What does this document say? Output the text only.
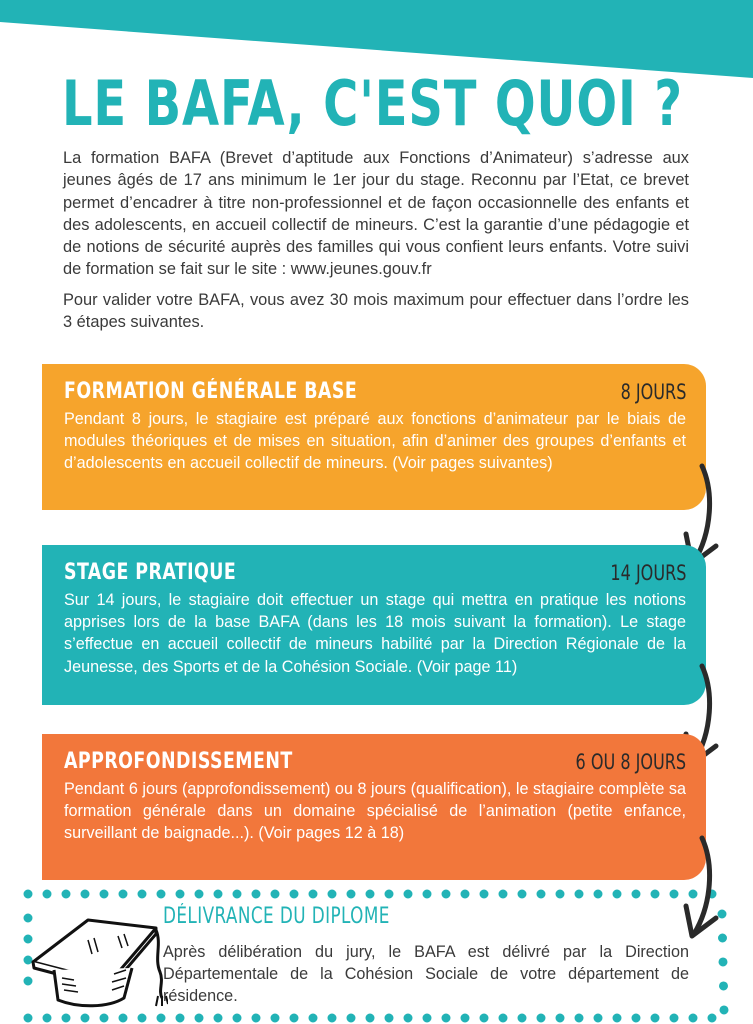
LE BAFA, C'EST QUOI ?

La formation BAFA (Brevet d’aptitude aux Fonctions d’Animateur) s’adresse aux jeunes âgés de 17 ans minimum le 1er jour du stage. Reconnu par l’Etat, ce brevet permet d’encadrer à titre non-professionnel et de façon occasionnelle des enfants et des adolescents, en accueil collectif de mineurs. C’est la garantie d’une pédagogie et de notions de sécurité auprès des familles qui vous confient leurs enfants. Votre suivi de formation se fait sur le site : www.jeunes.gouv.fr

Pour valider votre BAFA, vous avez 30 mois maximum pour effectuer dans l’ordre les 3 étapes suivantes.

FORMATION GÉNÉRALE BASE	8 JOURS
Pendant 8 jours, le stagiaire est préparé aux fonctions d’animateur par le biais de modules théoriques et de mises en situation, afin d’animer des groupes d’enfants et d’adolescents en accueil collectif de mineurs. (Voir pages suivantes)
STAGE PRATIQUE	14 JOURS
Sur 14 jours, le stagiaire doit effectuer un stage qui mettra en pratique les notions apprises lors de la base BAFA (dans les 18 mois suivant la formation). Le stage s’effectue en accueil collectif de mineurs habilité par la Direction Régionale de la Jeunesse, des Sports et de la Cohésion Sociale. (Voir page 11)
APPROFONDISSEMENT	6 OU 8 JOURS
Pendant 6 jours (approfondissement) ou 8 jours (qualification), le stagiaire complète sa formation générale dans un domaine spécialisé de l’animation (petite enfance, surveillant de baignade...). (Voir pages 12 à 18)
DÉLIVRANCE DU DIPLOME
Après délibération du jury, le BAFA est délivré par la Direction Départementale de la Cohésion Sociale de votre département de résidence.
